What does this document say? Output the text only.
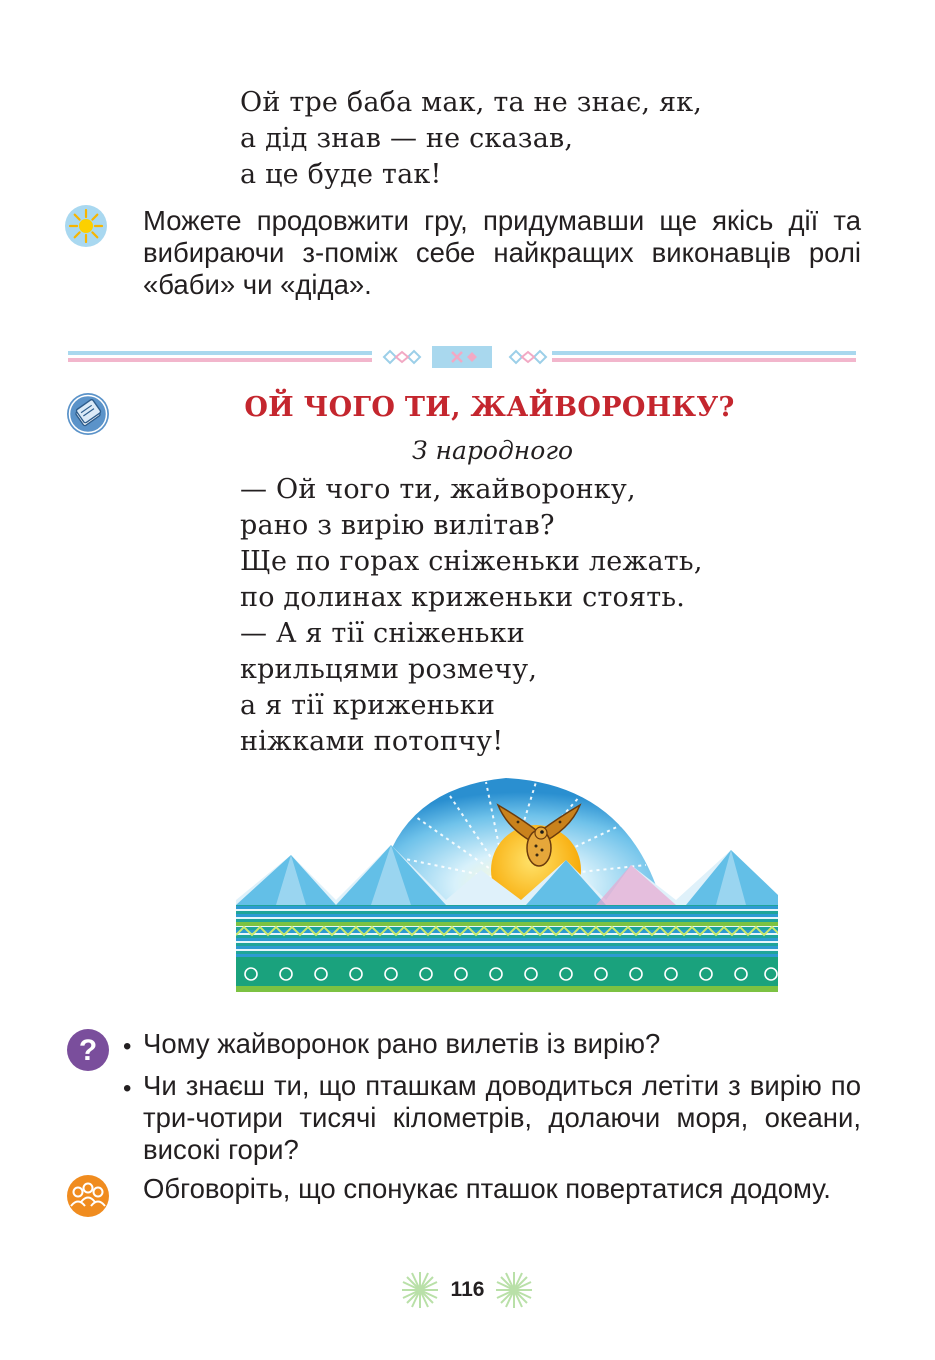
Ой тре баба мак, та не знає, як,
а дід знав — не сказав,
а це буде так!
Можете продовжити гру, придумавши ще якісь дії та вибираючи з-поміж себе найкращих виконавців ролі «баби» чи «діда».
ОЙ ЧОГО ТИ, ЖАЙВОРОНКУ?
З народного
— Ой чого ти, жайворонку,
рано з вирію вилітав?
Ще по горах сніженьки лежать,
по долинах криженьки стоять.
— А я тії сніженьки
крильцями розмечу,
а я тії криженьки
ніжками потопчу!
? • Чому жайворонок рано вилетів із вирію?
• Чи знаєш ти, що пташкам доводиться летіти з вирію по три-чотири тисячі кілометрів, долаючи моря, океани, високі гори?
Обговоріть, що спонукає пташок повертатися додому.
116
